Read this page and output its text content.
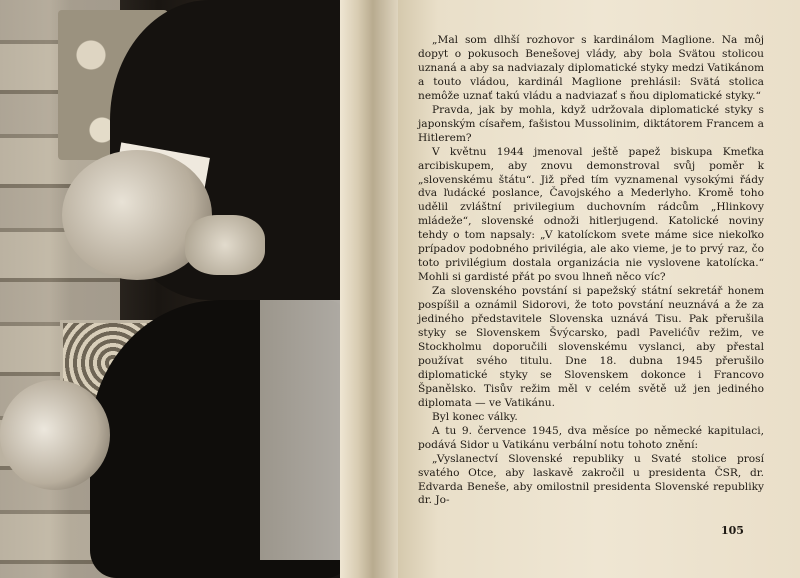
„Mal som dlhší rozhovor s kardinálom Maglione. Na môj dopyt o pokusoch Benešovej vlády, aby bola Svätou stolicou uznaná a aby sa nadviazaly diplomatické styky medzi Vatikánom a touto vládou, kardinál Maglione prehlásil: Svätá stolica nemôže uznať takú vládu a nadviazať s ňou diplomatické styky.“

Pravda, jak by mohla, když udržovala diplomatické styky s japonským císařem, fašistou Mussolinim, diktátorem Francem a Hitlerem?

V květnu 1944 jmenoval ještě papež biskupa Kmeťka arcibiskupem, aby znovu demonstroval svůj poměr k „slovenskému štátu“. Již před tím vyznamenal vysokými řády dva ľudácké poslance, Čavojského a Mederlyho. Kromě toho udělil zvláštní privilegium duchovním rádcům „Hlinkovy mládeže“, slovenské odnoži hitlerjugend. Katolické noviny tehdy o tom napsaly: „V katolíckom svete máme sice niekoľko prípadov podobného privilégia, ale ako vieme, je to prvý raz, čo toto privilégium dostala organizácia nie vyslovene katolícka.“ Mohli si gardisté přát po svou lhneň něco víc?

Za slovenského povstání si papežský státní sekretář honem pospíšil a oznámil Sidorovi, že toto povstání neuznává a že za jediného představitele Slovenska uznává Tisu. Pak přerušila styky se Slovenskem Švýcarsko, padl Pavelićův režim, ve Stockholmu doporučili slovenskému vyslanci, aby přestal používat svého titulu. Dne 18. dubna 1945 přerušilo diplomatické styky se Slovenskem dokonce i Francovo Španělsko. Tisův režim měl v celém světě už jen jediného diplomata — ve Vatikánu.

Byl konec války.

A tu 9. července 1945, dva měsíce po německé kapitulaci, podává Sidor u Vatikánu verbální notu tohoto znění:

„Vyslanectví Slovenské republiky u Svaté stolice prosí svatého Otce, aby laskavě zakročil u presidenta ČSR, dr. Edvarda Beneše, aby omilostnil presidenta Slovenské republiky dr. Jo-

105
